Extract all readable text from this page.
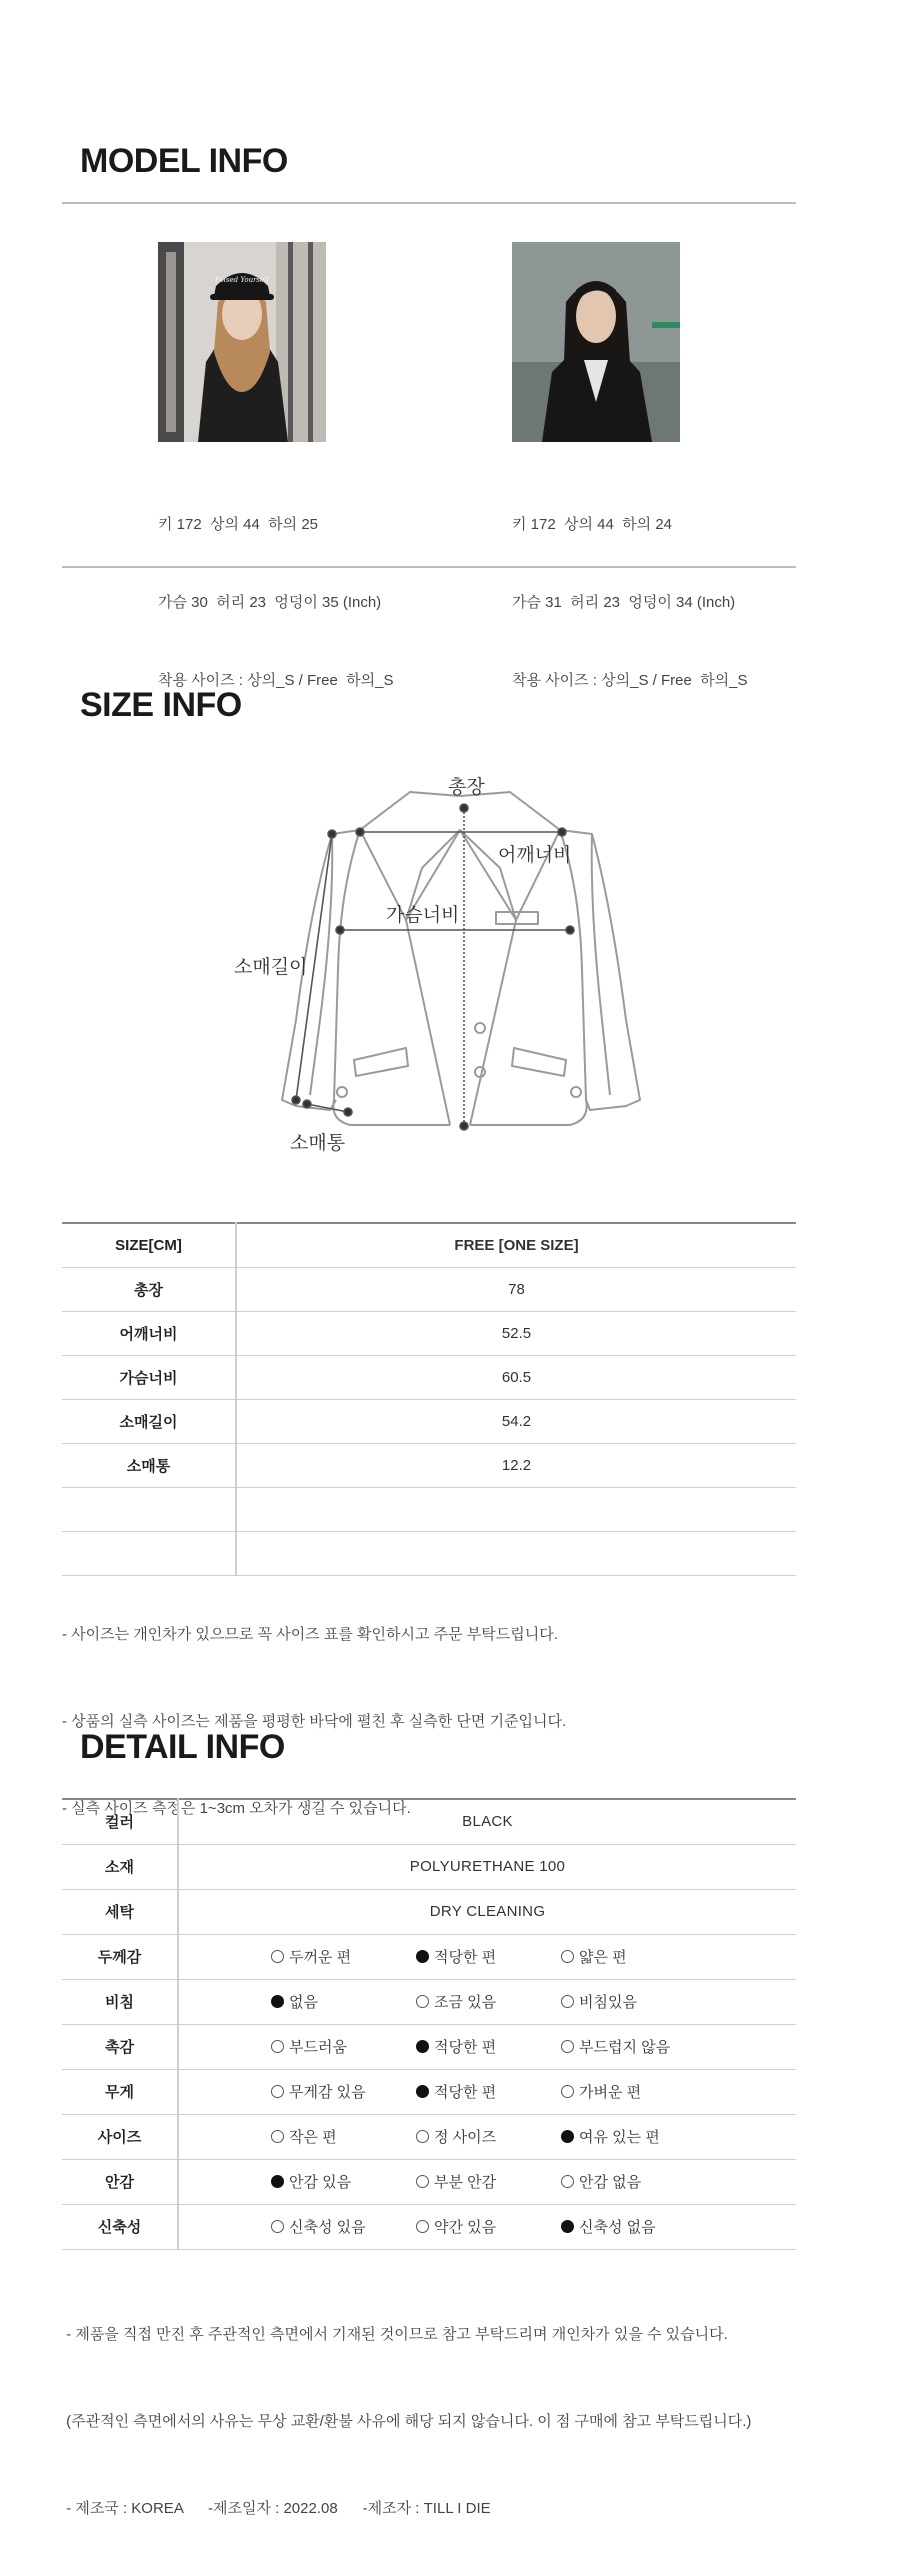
MODEL INFO
Poised Yourself

키 172  상의 44  하의 25

가슴 30  허리 23  엉덩이 35 (Inch)

착용 사이즈 : 상의_S / Free  하의_S

키 172  상의 44  하의 24

가슴 31  허리 23  엉덩이 34 (Inch)

착용 사이즈 : 상의_S / Free  하의_S

SIZE INFO
총장
어깨너비
가슴너비
소매길이
소매통
SIZE[CM]	FREE [ONE SIZE]
총장	78
어깨너비	52.5
가슴너비	60.5
소매길이	54.2
소매통	12.2

- 사이즈는 개인차가 있으므로 꼭 사이즈 표를 확인하시고 주문 부탁드립니다.

- 상품의 실측 사이즈는 제품을 평평한 바닥에 펼친 후 실측한 단면 기준입니다.

- 실측 사이즈 측정은 1~3cm 오차가 생길 수 있습니다.

DETAIL INFO
컬러	BLACK
소재	POLYURETHANE 100
세탁	DRY CLEANING
두께감	두꺼운 편 적당한 편 얇은 편

비침	없음 조금 있음 비침있음

촉감	부드러움 적당한 편 부드럽지 않음

무게	무게감 있음 적당한 편 가벼운 편

사이즈	작은 편 정 사이즈 여유 있는 편

안감	안감 있음 부분 안감 안감 없음

신축성	신축성 있음 약간 있음 신축성 없음

- 제품을 직접 만진 후 주관적인 측면에서 기재된 것이므로 참고 부탁드리며 개인차가 있을 수 있습니다.

(주관적인 측면에서의 사유는 무상 교환/환불 사유에 해당 되지 않습니다. 이 점 구매에 참고 부탁드립니다.)

- 제조국 : KOREA      -제조일자 : 2022.08      -제조자 : TILL I DIE
